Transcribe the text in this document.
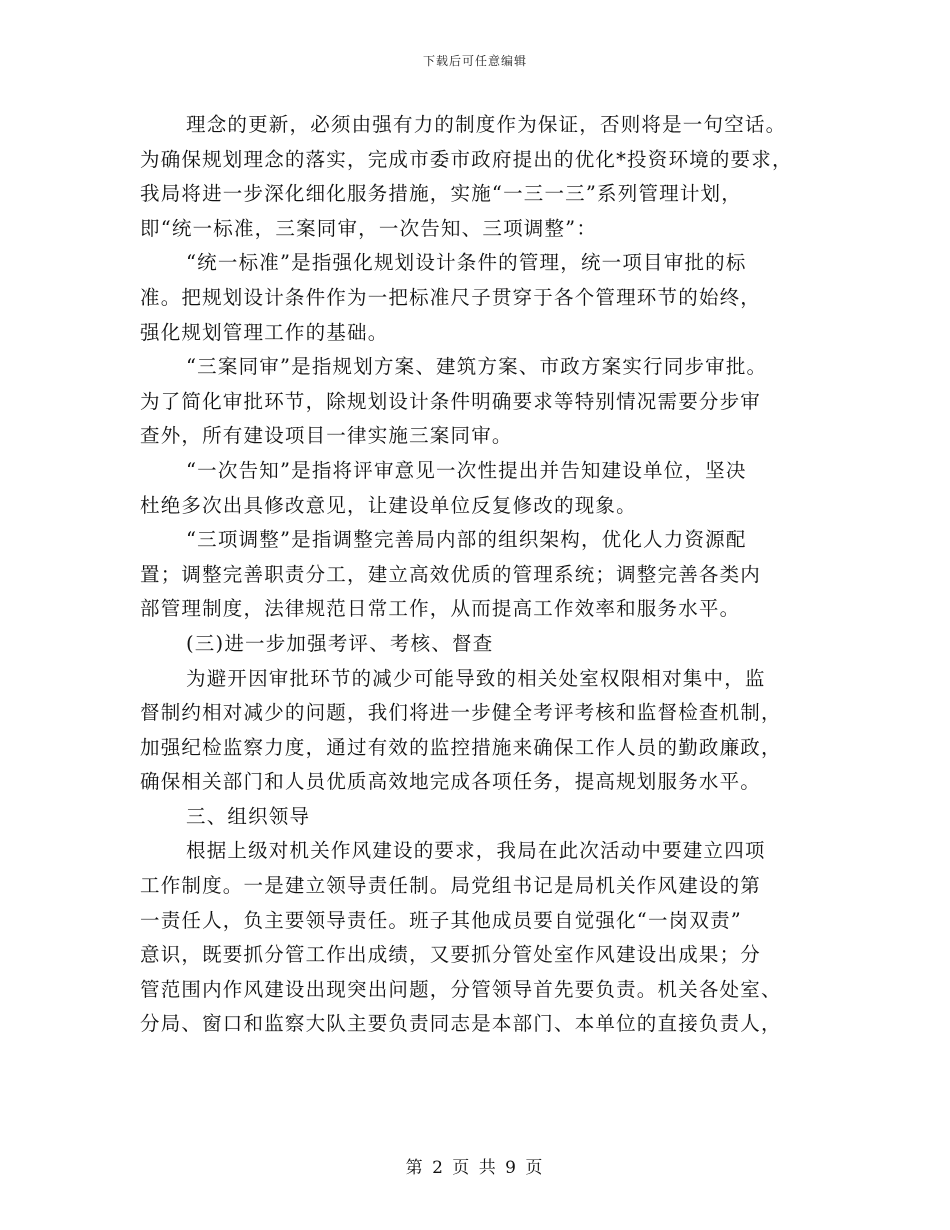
下载后可任意编辑
理念的更新，必须由强有力的制度作为保证，否则将是一句空话。
为确保规划理念的落实，完成市委市政府提出的优化*投资环境的要求，
我局将进一步深化细化服务措施，实施“一三一三”系列管理计划，
即“统一标准，三案同审，一次告知、三项调整”：
“统一标准”是指强化规划设计条件的管理，统一项目审批的标
准。把规划设计条件作为一把标准尺子贯穿于各个管理环节的始终，
强化规划管理工作的基础。
“三案同审”是指规划方案、建筑方案、市政方案实行同步审批。
为了简化审批环节，除规划设计条件明确要求等特别情况需要分步审
查外，所有建设项目一律实施三案同审。
“一次告知”是指将评审意见一次性提出并告知建设单位，坚决
杜绝多次出具修改意见，让建设单位反复修改的现象。
“三项调整”是指调整完善局内部的组织架构，优化人力资源配
置；调整完善职责分工，建立高效优质的管理系统；调整完善各类内
部管理制度，法律规范日常工作，从而提高工作效率和服务水平。
(三)进一步加强考评、考核、督查
为避开因审批环节的减少可能导致的相关处室权限相对集中，监
督制约相对减少的问题，我们将进一步健全考评考核和监督检查机制，
加强纪检监察力度，通过有效的监控措施来确保工作人员的勤政廉政，
确保相关部门和人员优质高效地完成各项任务，提高规划服务水平。
三、组织领导
根据上级对机关作风建设的要求，我局在此次活动中要建立四项
工作制度。一是建立领导责任制。局党组书记是局机关作风建设的第
一责任人，负主要领导责任。班子其他成员要自觉强化“一岗双责”
意识，既要抓分管工作出成绩，又要抓分管处室作风建设出成果；分
管范围内作风建设出现突出问题，分管领导首先要负责。机关各处室、
分局、窗口和监察大队主要负责同志是本部门、本单位的直接负责人，
第 2 页 共 9 页
